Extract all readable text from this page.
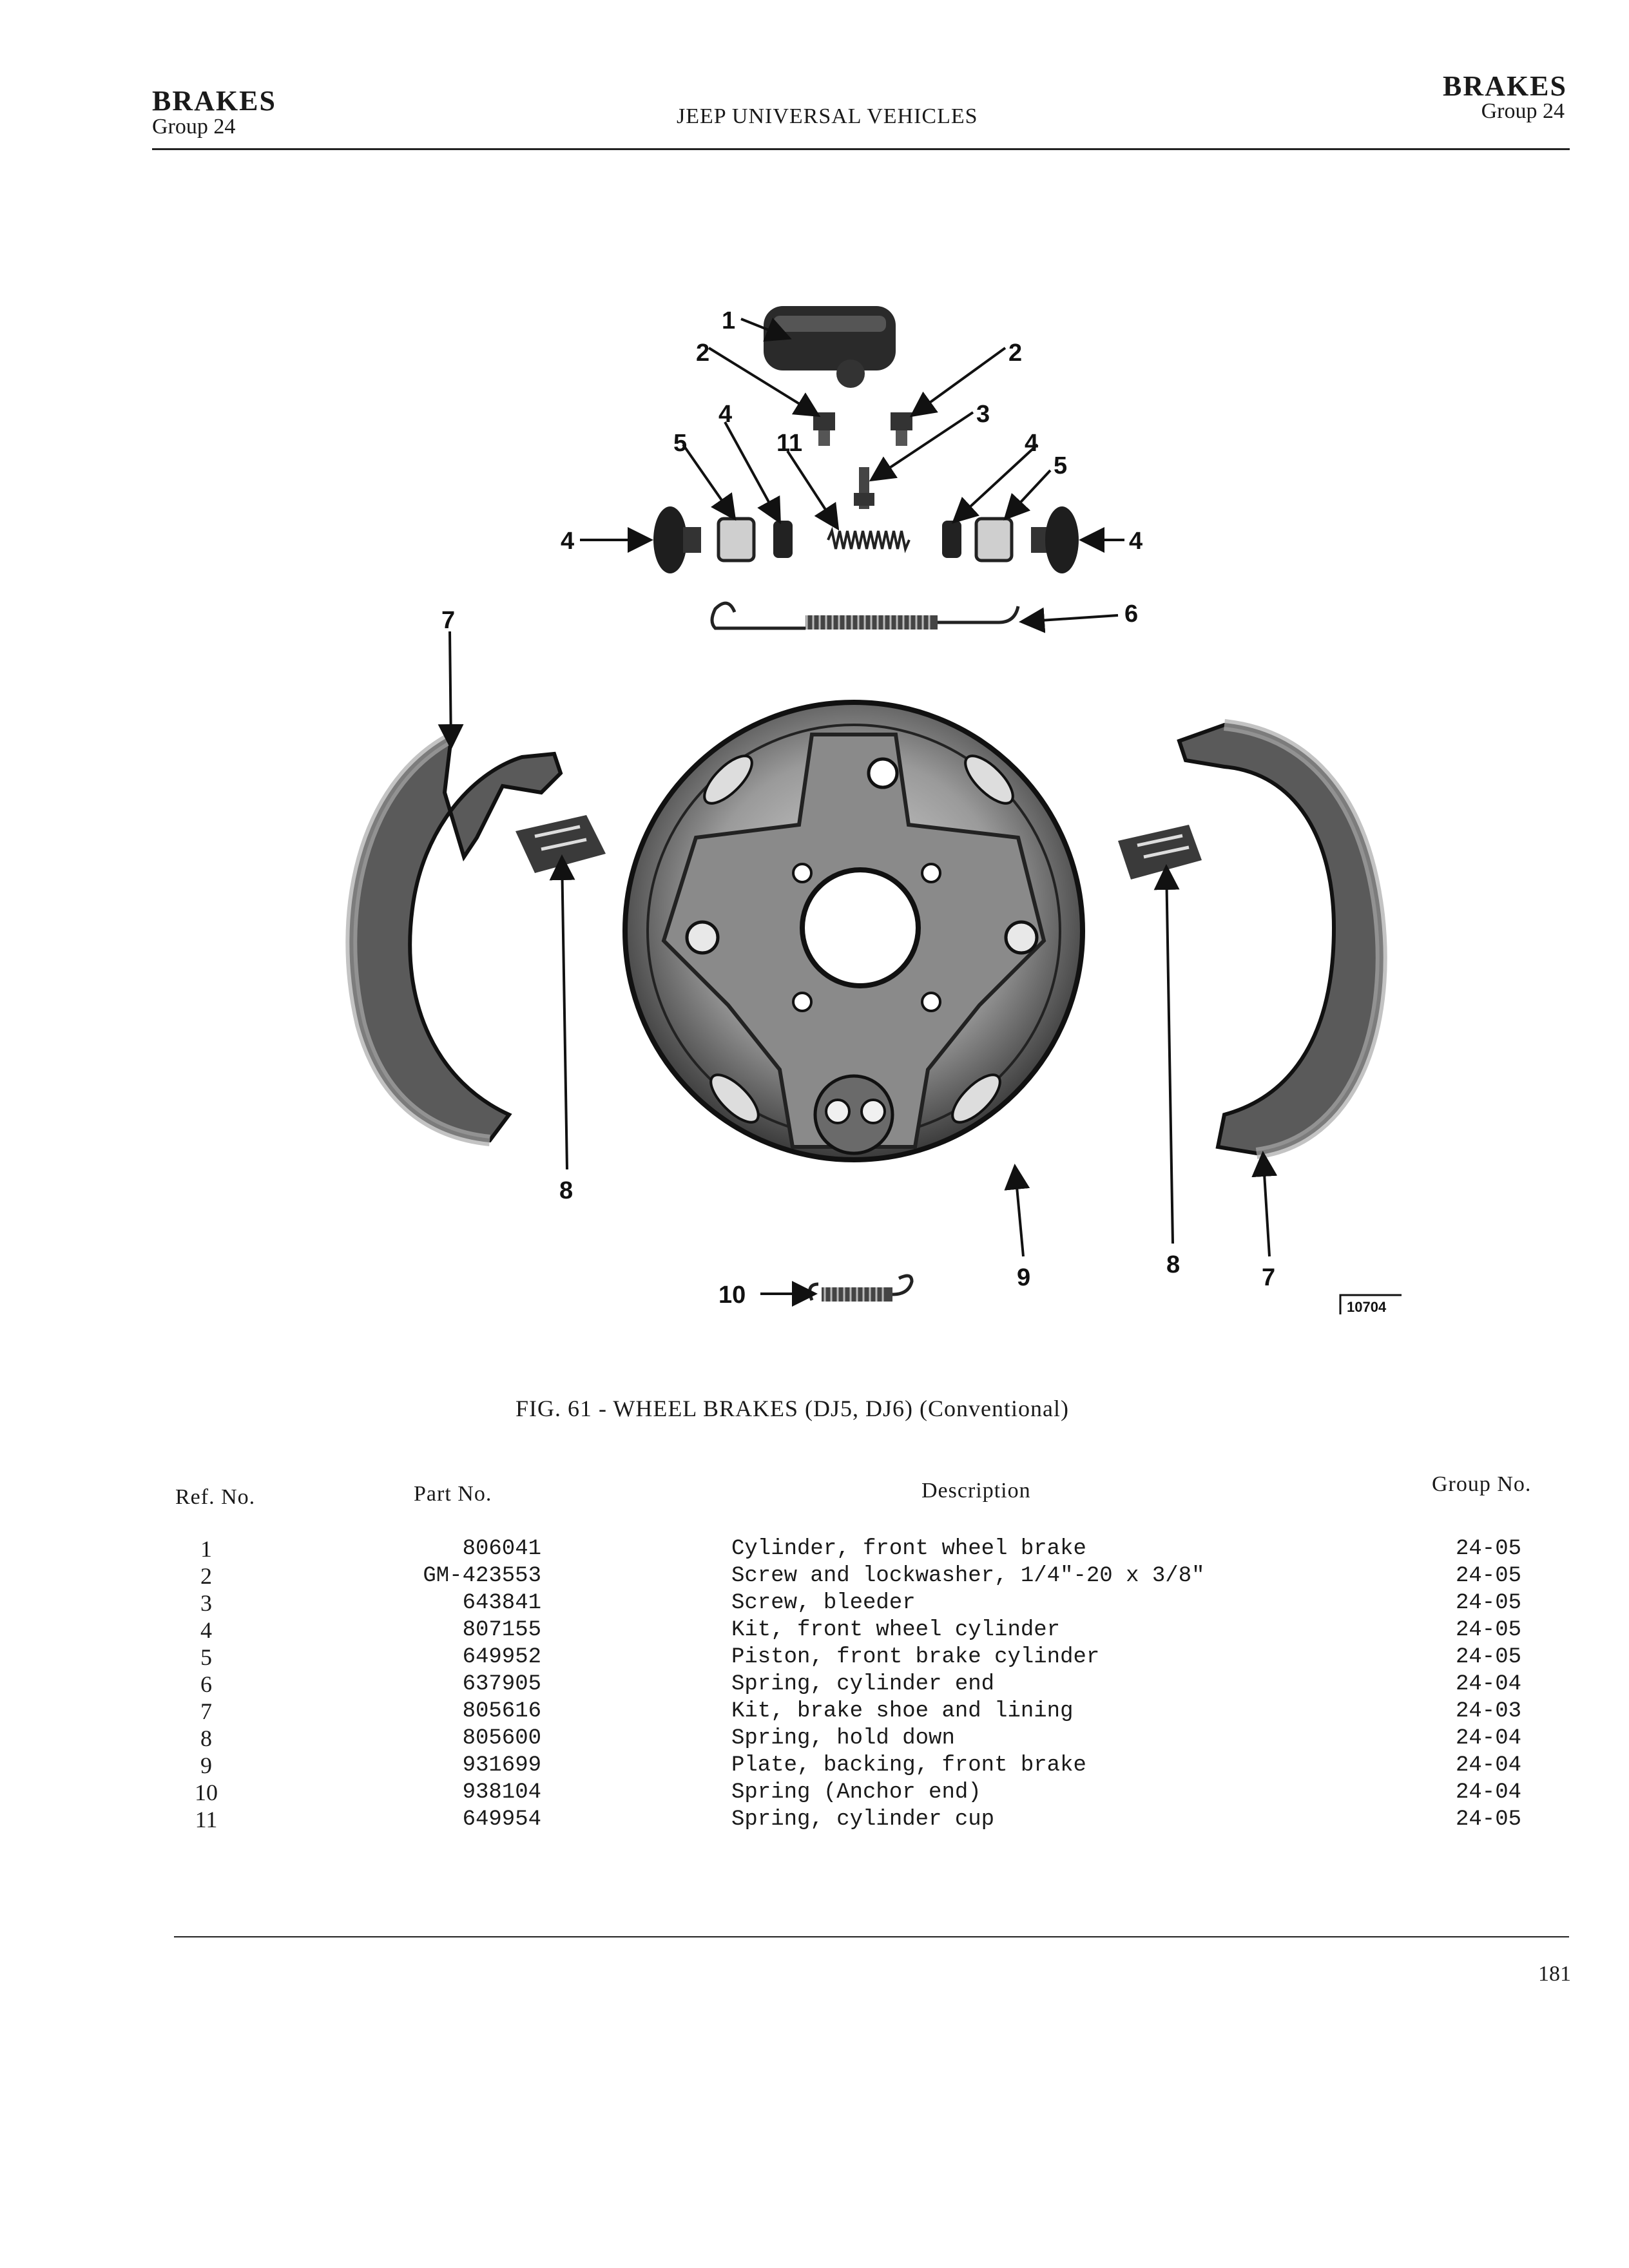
BRAKES
Group 24	JEEP UNIVERSAL VEHICLES
BRAKES
Group 24
1
2	2
3
4
4
4	4
5
5
6
7
7
8
8
9
10
11
10704
FIG. 61 - WHEEL BRAKES (DJ5, DJ6) (Conventional)
Ref. No.	Part No.	Description	Group No.
1	806041	Cylinder, front wheel brake	24-05
2	GM-423553	Screw and lockwasher, 1/4"-20 x 3/8"	24-05
3	643841	Screw, bleeder	24-05
4	807155	Kit, front wheel cylinder	24-05
5	649952	Piston, front brake cylinder	24-05
6	637905	Spring, cylinder end	24-04
7	805616	Kit, brake shoe and lining	24-03
8	805600	Spring, hold down	24-04
9	931699	Plate, backing, front brake	24-04
10	938104	Spring (Anchor end)	24-04
11	649954	Spring, cylinder cup	24-05
181
